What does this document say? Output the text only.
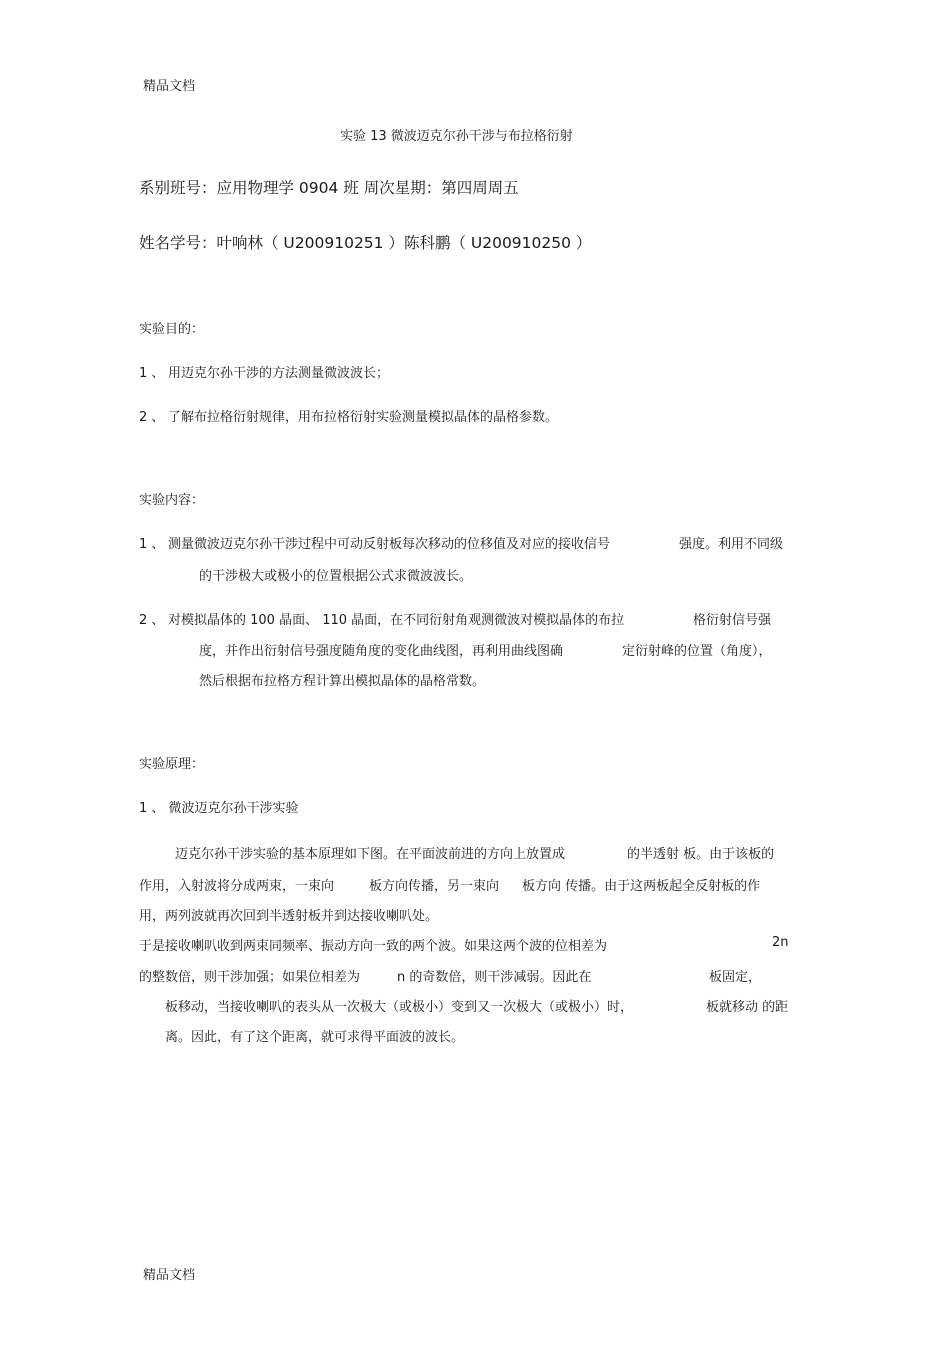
精品文档

实验 13 微波迈克尔孙干涉与布拉格衍射

系别班号：应用物理学 0904 班 周次星期：第四周周五

姓名学号：叶响林（ U200910251 ）陈科鹏（ U200910250 ）

实验目的：

1 、 用迈克尔孙干涉的方法测量微波波长；

2 、 了解布拉格衍射规律，用布拉格衍射实验测量模拟晶体的晶格参数。

实验内容：

1 、 测量微波迈克尔孙干涉过程中可动反射板每次移动的位移值及对应的接收信号	强度。利用不同级

的干涉极大或极小的位置根据公式求微波波长。

2 、 对模拟晶体的 100 晶面、 110 晶面，在不同衍射角观测微波对模拟晶体的布拉	格衍射信号强

度，并作出衍射信号强度随角度的变化曲线图，再利用曲线图确	定衍射峰的位置（角度），

然后根据布拉格方程计算出模拟晶体的晶格常数。

实验原理：

1 、 微波迈克尔孙干涉实验

迈克尔孙干涉实验的基本原理如下图。在平面波前进的方向上放置成	的半透射 板。由于该板的

作用，入射波将分成两束，一束向	板方向传播，另一束向 板方向 传播。由于这两板起全反射板的作

用，两列波就再次回到半透射板并到达接收喇叭处。

于是接收喇叭收到两束同频率、振动方向一致的两个波。如果这两个波的位相差为	2n

的整数倍，则干涉加强；如果位相差为	n 的奇数倍，则干涉减弱。因此在	板固定，

板移动，当接收喇叭的表头从一次极大（或极小）变到又一次极大（或极小）时，	板就移动 的距

离。因此，有了这个距离，就可求得平面波的波长。

精品文档
